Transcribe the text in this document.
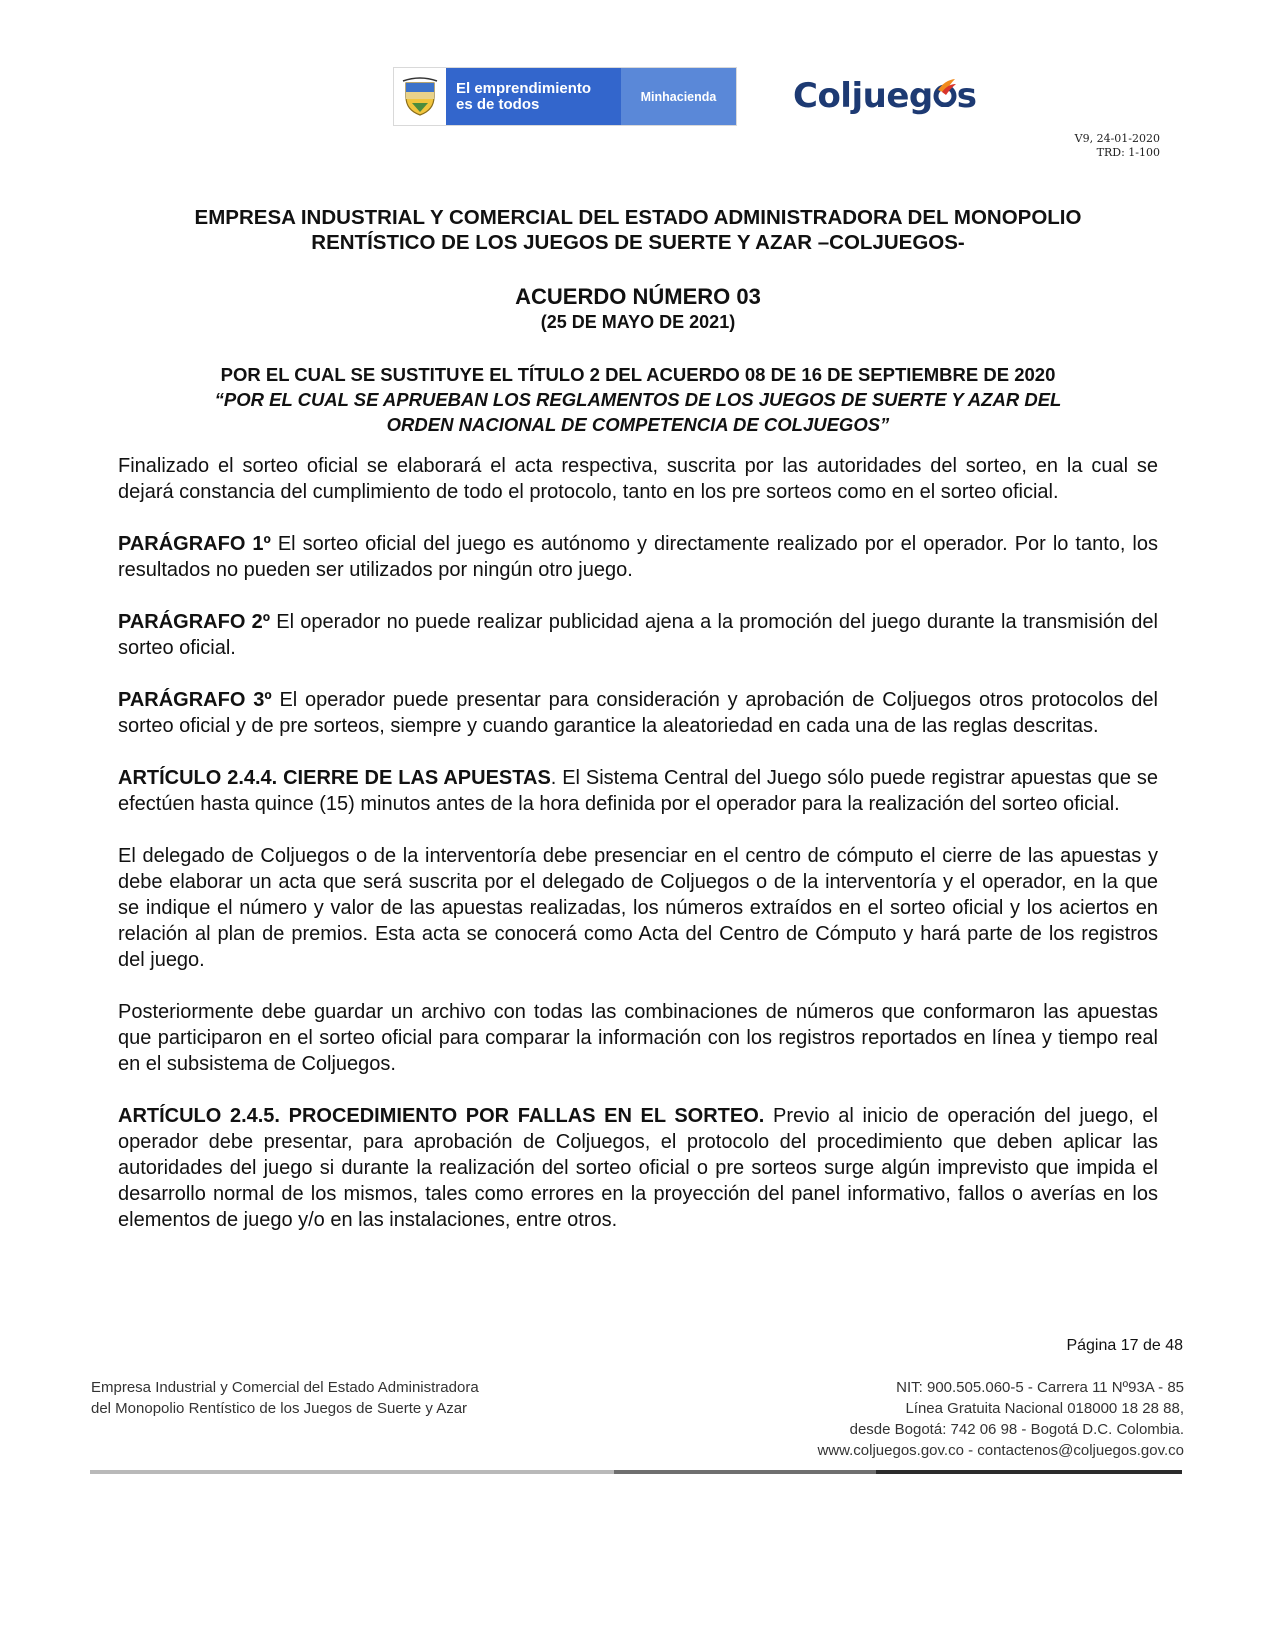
El emprendimiento
es de todos	Minhacienda	Coljueg s
V9, 24-01-2020
TRD: 1-100
EMPRESA INDUSTRIAL Y COMERCIAL DEL ESTADO ADMINISTRADORA DEL MONOPOLIO
RENTÍSTICO DE LOS JUEGOS DE SUERTE Y AZAR –COLJUEGOS-
ACUERDO NÚMERO 03
(25 DE MAYO DE 2021)
POR EL CUAL SE SUSTITUYE EL TÍTULO 2 DEL ACUERDO 08 DE 16 DE SEPTIEMBRE DE 2020
“POR EL CUAL SE APRUEBAN LOS REGLAMENTOS DE LOS JUEGOS DE SUERTE Y AZAR DEL
ORDEN NACIONAL DE COMPETENCIA DE COLJUEGOS”

Finalizado el sorteo oficial se elaborará el acta respectiva, suscrita por las autoridades del sorteo, en la cual se dejará constancia del cumplimiento de todo el protocolo, tanto en los pre sorteos como en el sorteo oficial.

PARÁGRAFO 1º El sorteo oficial del juego es autónomo y directamente realizado por el operador. Por lo tanto, los resultados no pueden ser utilizados por ningún otro juego.

PARÁGRAFO 2º El operador no puede realizar publicidad ajena a la promoción del juego durante la transmisión del sorteo oficial.

PARÁGRAFO 3º El operador puede presentar para consideración y aprobación de Coljuegos otros protocolos del sorteo oficial y de pre sorteos, siempre y cuando garantice la aleatoriedad en cada una de las reglas descritas.

ARTÍCULO 2.4.4. CIERRE DE LAS APUESTAS. El Sistema Central del Juego sólo puede registrar apuestas que se efectúen hasta quince (15) minutos antes de la hora definida por el operador para la realización del sorteo oficial.

El delegado de Coljuegos o de la interventoría debe presenciar en el centro de cómputo el cierre de las apuestas y debe elaborar un acta que será suscrita por el delegado de Coljuegos o de la interventoría y el operador, en la que se indique el número y valor de las apuestas realizadas, los números extraídos en el sorteo oficial y los aciertos en relación al plan de premios. Esta acta se conocerá como Acta del Centro de Cómputo y hará parte de los registros del juego.

Posteriormente debe guardar un archivo con todas las combinaciones de números que conformaron las apuestas que participaron en el sorteo oficial para comparar la información con los registros reportados en línea y tiempo real en el subsistema de Coljuegos.

ARTÍCULO 2.4.5. PROCEDIMIENTO POR FALLAS EN EL SORTEO. Previo al inicio de operación del juego, el operador debe presentar, para aprobación de Coljuegos, el protocolo del procedimiento que deben aplicar las autoridades del juego si durante la realización del sorteo oficial o pre sorteos surge algún imprevisto que impida el desarrollo normal de los mismos, tales como errores en la proyección del panel informativo, fallos o averías en los elementos de juego y/o en las instalaciones, entre otros.

Página 17 de 48
Empresa Industrial y Comercial del Estado Administradora
del Monopolio Rentístico de los Juegos de Suerte y Azar
NIT: 900.505.060-5 - Carrera 11 Nº93A - 85
Línea Gratuita Nacional 018000 18 28 88,
desde Bogotá: 742 06 98 - Bogotá D.C. Colombia.
www.coljuegos.gov.co - contactenos@coljuegos.gov.co
